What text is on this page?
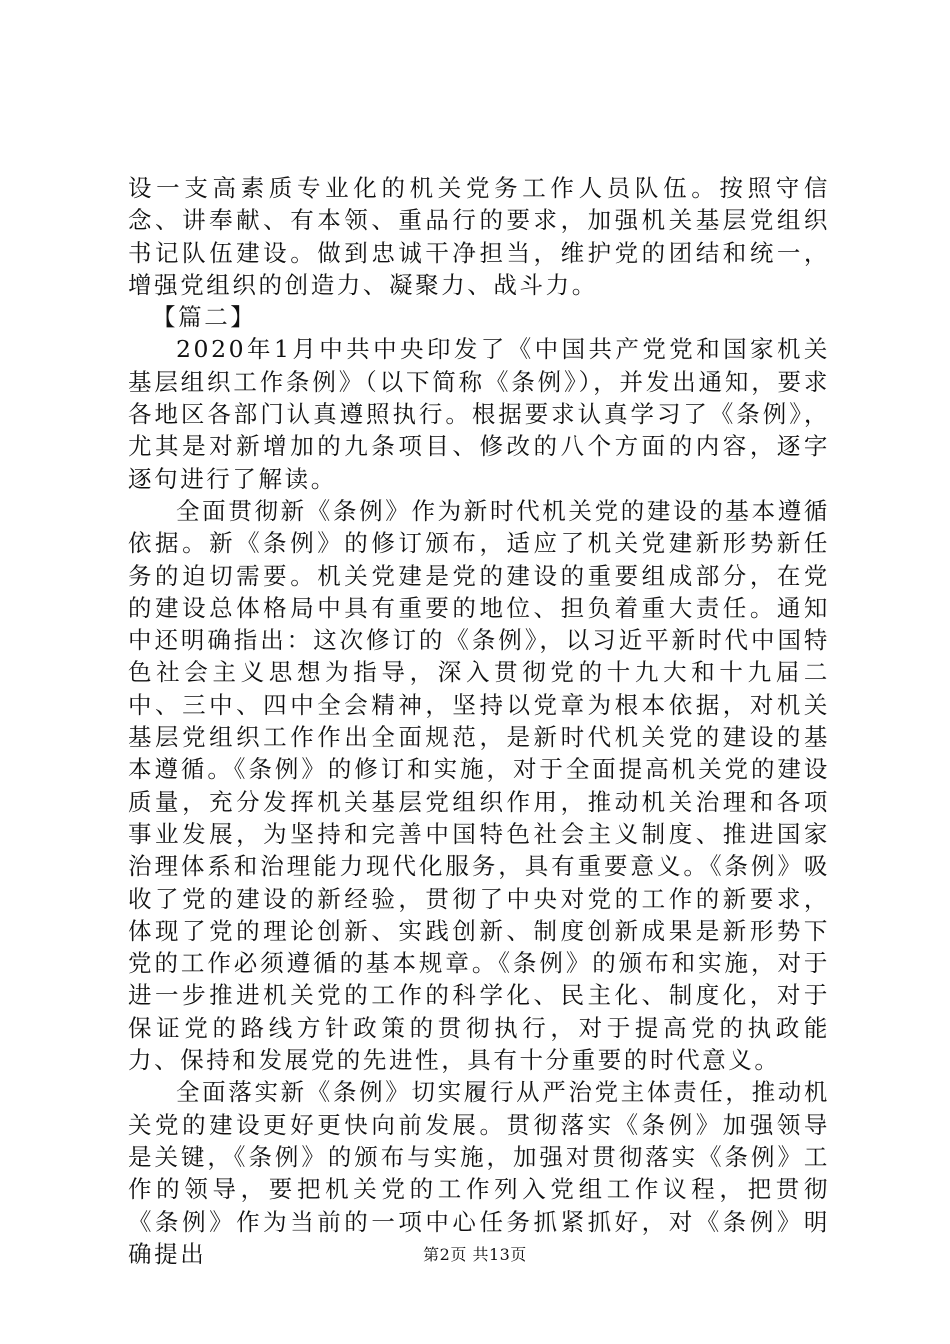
设一支高素质专业化的机关党务工作人员队伍。按照守信念、讲奉献、有本领、重品行的要求，加强机关基层党组织书记队伍建设。做到忠诚干净担当，维护党的团结和统一，增强党组织的创造力、凝聚力、战斗力。

【篇二】

2020年1月中共中央印发了《中国共产党党和国家机关基层组织工作条例》（以下简称《条例》），并发出通知，要求各地区各部门认真遵照执行。根据要求认真学习了《条例》，尤其是对新增加的九条项目、修改的八个方面的内容，逐字逐句进行了解读。

全面贯彻新《条例》作为新时代机关党的建设的基本遵循依据。新《条例》的修订颁布，适应了机关党建新形势新任务的迫切需要。机关党建是党的建设的重要组成部分，在党的建设总体格局中具有重要的地位、担负着重大责任。通知中还明确指出：这次修订的《条例》，以习近平新时代中国特色社会主义思想为指导，深入贯彻党的十九大和十九届二中、三中、四中全会精神，坚持以党章为根本依据，对机关基层党组织工作作出全面规范，是新时代机关党的建设的基本遵循。《条例》的修订和实施，对于全面提高机关党的建设质量，充分发挥机关基层党组织作用，推动机关治理和各项事业发展，为坚持和完善中国特色社会主义制度、推进国家治理体系和治理能力现代化服务，具有重要意义。《条例》吸收了党的建设的新经验，贯彻了中央对党的工作的新要求，体现了党的理论创新、实践创新、制度创新成果是新形势下党的工作必须遵循的基本规章。《条例》的颁布和实施，对于进一步推进机关党的工作的科学化、民主化、制度化，对于保证党的路线方针政策的贯彻执行，对于提高党的执政能力、保持和发展党的先进性，具有十分重要的时代意义。

全面落实新《条例》切实履行从严治党主体责任，推动机关党的建设更好更快向前发展。贯彻落实《条例》加强领导是关键，《条例》的颁布与实施，加强对贯彻落实《条例》工作的领导，要把机关党的工作列入党组工作议程，把贯彻《条例》作为当前的一项中心任务抓紧抓好，对《条例》明确提出	第2页 共13页
